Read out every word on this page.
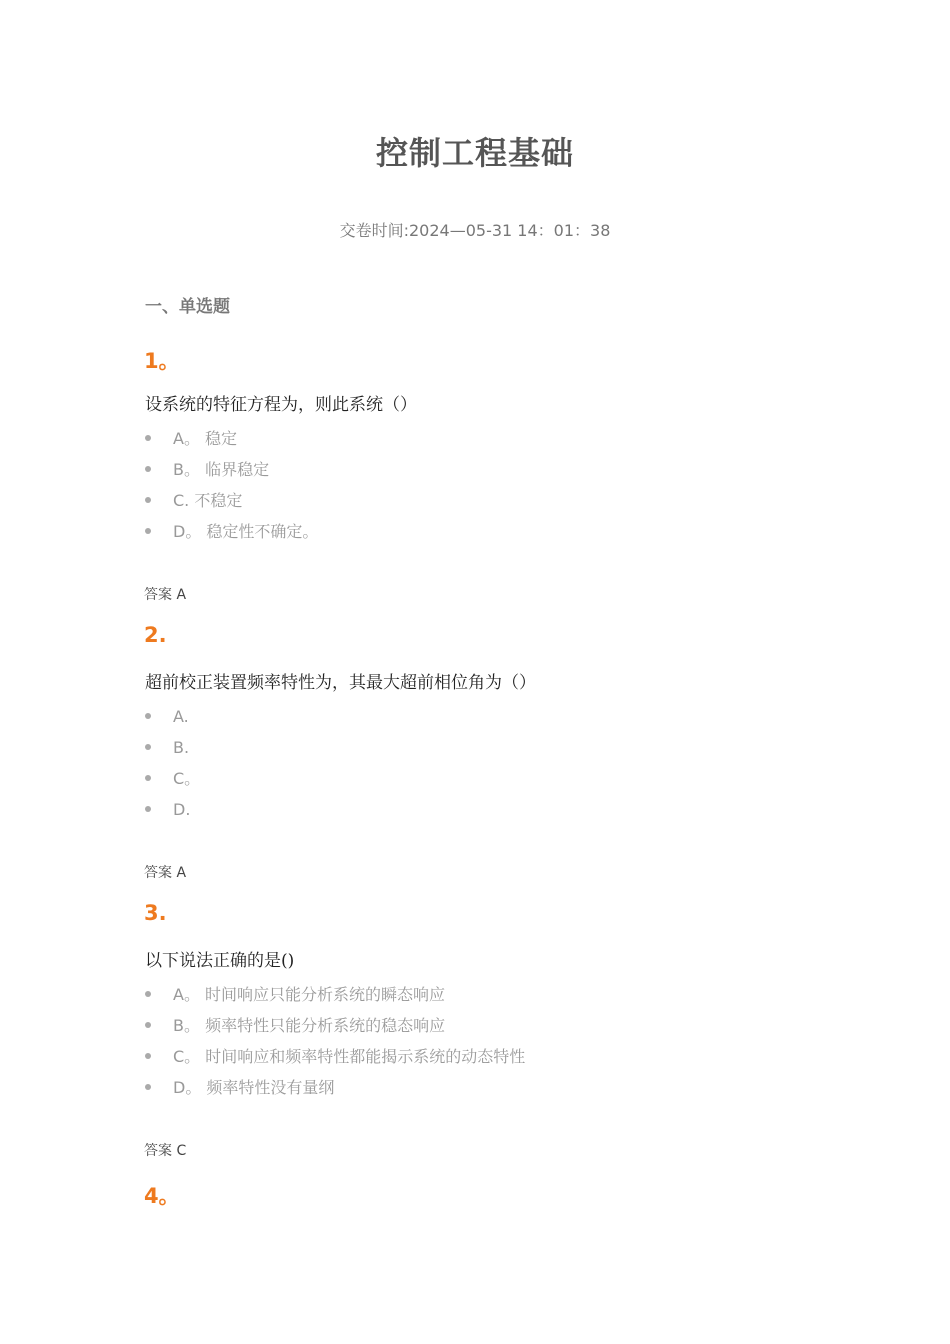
控制工程基础
交卷时间:2024—05-31 14：01：38
一、单选题
1。
设系统的特征方程为，则此系统（）
A。 稳定
B。 临界稳定
C. 不稳定
D。 稳定性不确定。
答案 A
2.
超前校正装置频率特性为，其最大超前相位角为（）
A.
B.
C。
D.
答案 A
3.
以下说法正确的是()
A。 时间响应只能分析系统的瞬态响应
B。 频率特性只能分析系统的稳态响应
C。 时间响应和频率特性都能揭示系统的动态特性
D。 频率特性没有量纲
答案 C
4。
